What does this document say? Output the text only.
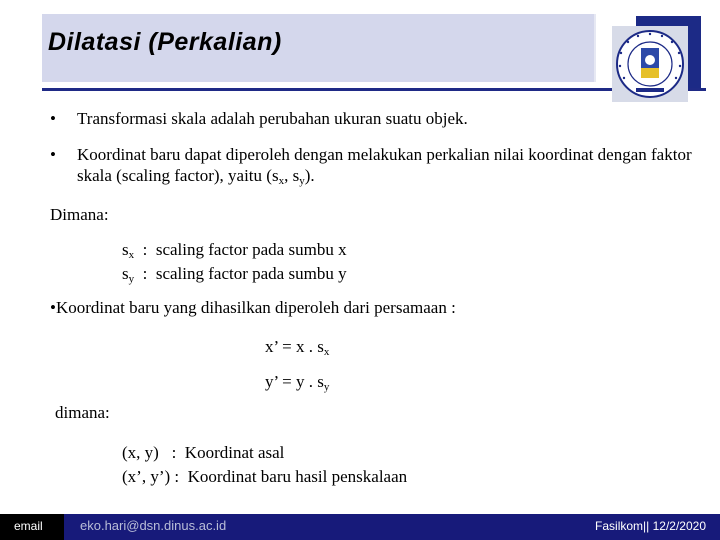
Dilatasi (Perkalian)
• Transformasi skala adalah perubahan ukuran suatu objek.
• Koordinat baru dapat diperoleh dengan melakukan perkalian nilai koordinat dengan faktor skala (scaling factor), yaitu ($s_x$, $s_y$).
Dimana:
$s_x$  :  scaling factor pada sumbu x
$s_y$  :  scaling factor pada sumbu y
•Koordinat baru yang dihasilkan diperoleh dari persamaan :
x’ = x . $s_x$
y’ = y . $s_y$
dimana:
(x, y)   :  Koordinat asal
(x’, y’) :  Koordinat baru hasil penskalaan
email	eko.hari@dsn.dinus.ac.id	Fasilkom|| 12/2/2020
